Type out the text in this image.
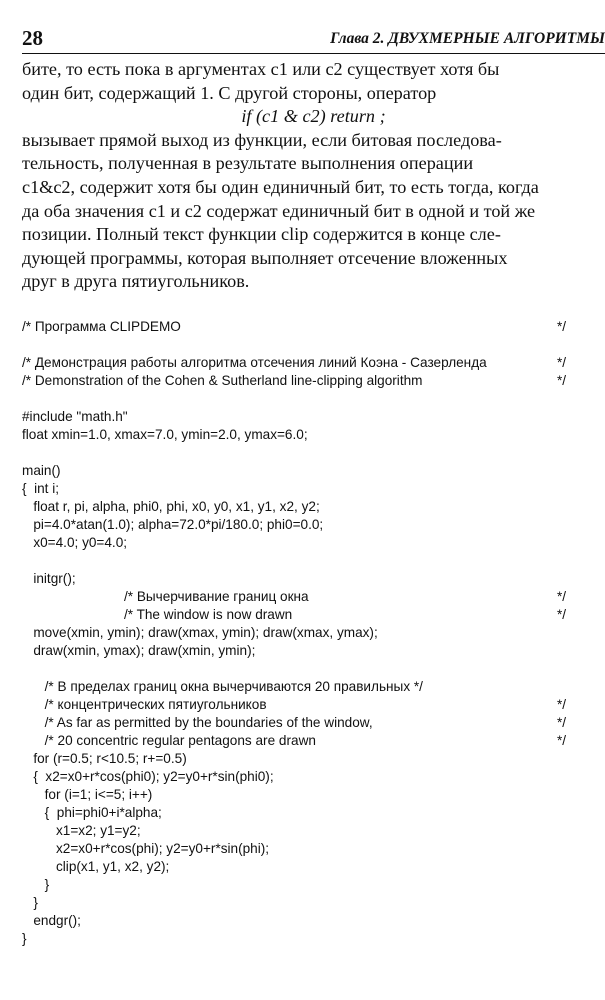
28	Глава 2. ДВУХМЕРНЫЕ АЛГОРИТМЫ
бите, то есть пока в аргументах c1 или c2 существует хотя бы
один бит, содержащий 1. С другой стороны, оператор
if (c1 & c2) return ;
вызывает прямой выход из функции, если битовая последова-
тельность, полученная в результате выполнения операции
c1&c2, содержит хотя бы один единичный бит, то есть тогда, когда
да оба значения c1 и c2 содержат единичный бит в одной и той же
позиции. Полный текст функции clip содержится в конце сле-
дующей программы, которая выполняет отсечение вложенных
друг в друга пятиугольников.
/* Программа CLIPDEMO	*/
/* Демонстрация работы алгоритма отсечения линий Коэна - Сазерленда	*/
/* Demonstration of the Cohen & Sutherland line-clipping algorithm	*/
#include "math.h"
float xmin=1.0, xmax=7.0, ymin=2.0, ymax=6.0;
main()
{  int i;
float r, pi, alpha, phi0, phi, x0, y0, x1, y1, x2, y2;
pi=4.0*atan(1.0); alpha=72.0*pi/180.0; phi0=0.0;
x0=4.0; y0=4.0;
initgr();
/* Вычерчивание границ окна	*/
/* The window is now drawn	*/
move(xmin, ymin); draw(xmax, ymin); draw(xmax, ymax);
draw(xmin, ymax); draw(xmin, ymin);
/* В пределах границ окна вычерчиваются 20 правильных */
/* концентрических пятиугольников	*/
/* As far as permitted by the boundaries of the window,	*/
/* 20 concentric regular pentagons are drawn	*/
for (r=0.5; r<10.5; r+=0.5)
{  x2=x0+r*cos(phi0); y2=y0+r*sin(phi0);
for (i=1; i<=5; i++)
{  phi=phi0+i*alpha;
x1=x2; y1=y2;
x2=x0+r*cos(phi); y2=y0+r*sin(phi);
clip(x1, y1, x2, y2);
}
}
endgr();
}
